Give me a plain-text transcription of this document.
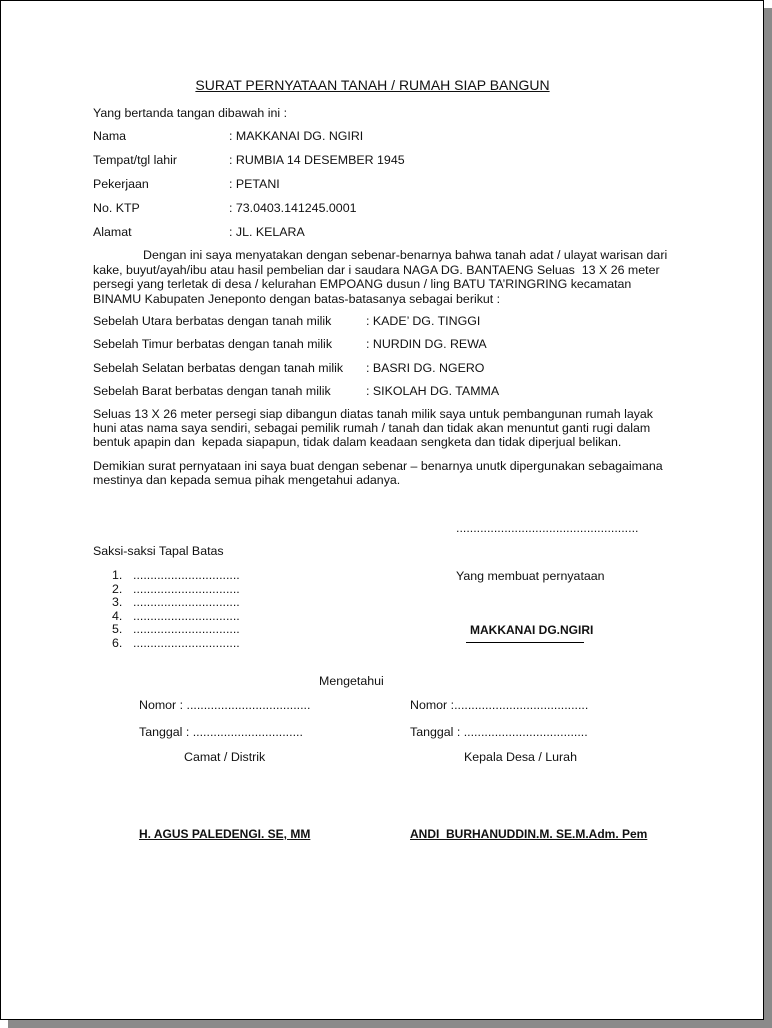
SURAT PERNYATAAN TANAH / RUMAH SIAP BANGUN
Yang bertanda tangan dibawah ini :
Nama	: MAKKANAI DG. NGIRI
Tempat/tgl lahir	: RUMBIA 14 DESEMBER 1945
Pekerjaan	: PETANI
No. KTP	: 73.0403.141245.0001
Alamat	: JL. KELARA
Dengan ini saya menyatakan dengan sebenar-benarnya bahwa tanah adat / ulayat warisan dari
kake, buyut/ayah/ibu atau hasil pembelian dar i saudara NAGA DG. BANTAENG Seluas  13 X 26 meter
persegi yang terletak di desa / kelurahan EMPOANG dusun / ling BATU TA’RINGRING kecamatan
BINAMU Kabupaten Jeneponto dengan batas-batasanya sebagai berikut :
Sebelah Utara berbatas dengan tanah milik	: KADE’ DG. TINGGI
Sebelah Timur berbatas dengan tanah milik	: NURDIN DG. REWA
Sebelah Selatan berbatas dengan tanah milik : BASRI DG. NGERO
Sebelah Barat berbatas dengan tanah milik	: SIKOLAH DG. TAMMA
Seluas 13 X 26 meter persegi siap dibangun diatas tanah milik saya untuk pembangunan rumah layak
huni atas nama saya sendiri, sebagai pemilik rumah / tanah dan tidak akan menuntut ganti rugi dalam
bentuk apapin dan  kepada siapapun, tidak dalam keadaan sengketa dan tidak diperjual belikan.
Demikian surat pernyataan ini saya buat dengan sebenar – benarnya unutk dipergunakan sebagaimana
mestinya dan kepada semua pihak mengetahui adanya.
.....................................................
Saksi-saksi Tapal Batas
1. ...............................
2. ...............................
3. ...............................
4. ...............................
5. ...............................
6. ...............................
Yang membuat pernyataan
MAKKANAI DG.NGIRI
Mengetahui
Nomor : ....................................	Nomor :.......................................
Tanggal : ................................	Tanggal : ....................................
Camat / Distrik	Kepala Desa / Lurah
H. AGUS PALEDENGI. SE, MM	ANDI  BURHANUDDIN.M. SE.M.Adm. Pem
